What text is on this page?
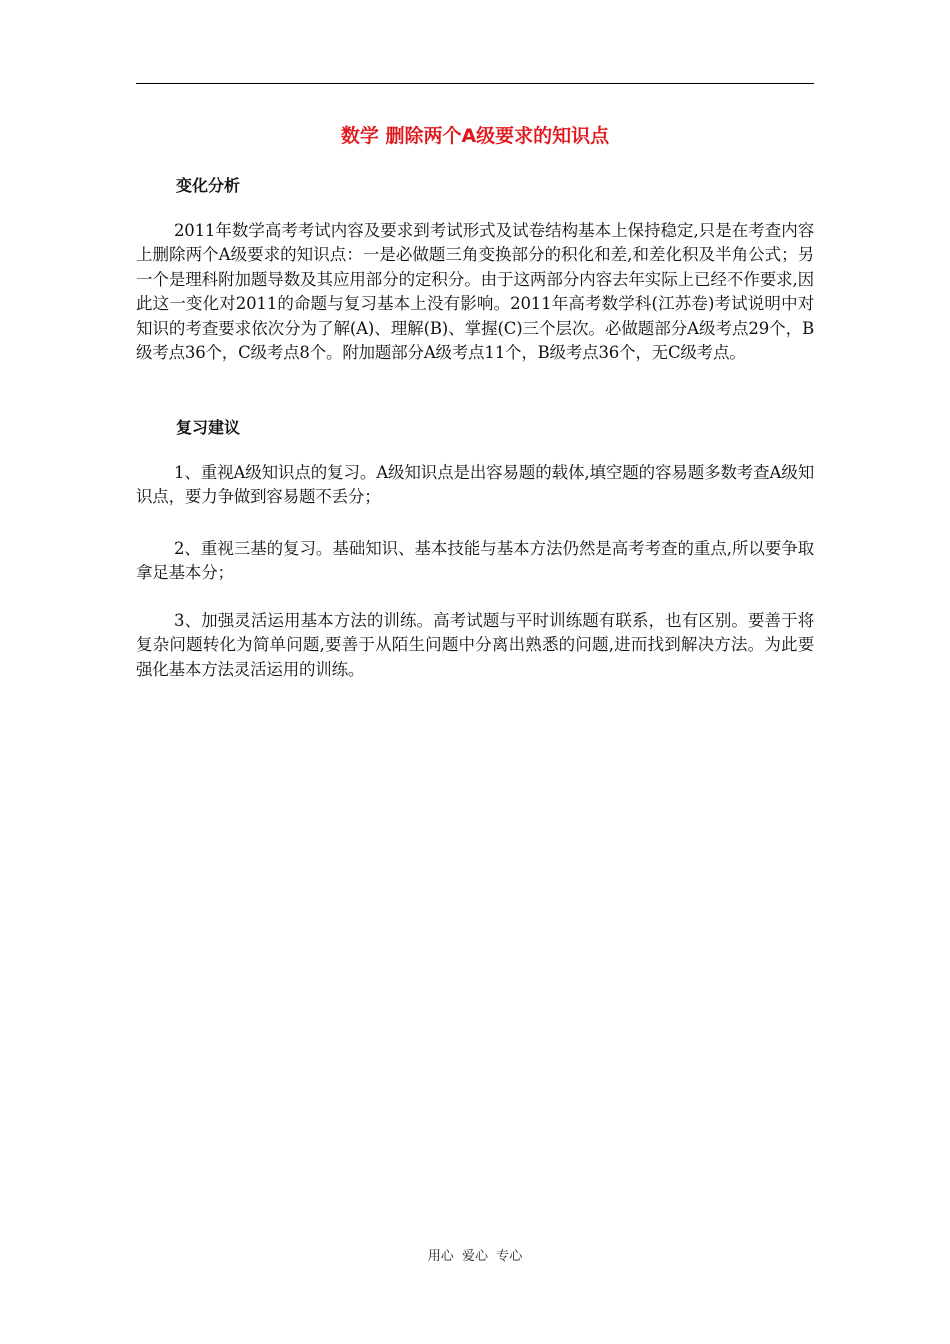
数学 删除两个A级要求的知识点
变化分析
2011年数学高考考试内容及要求到考试形式及试卷结构基本上保持稳定,只是在考查内容上删除两个A级要求的知识点：一是必做题三角变换部分的积化和差,和差化积及半角公式；另一个是理科附加题导数及其应用部分的定积分。由于这两部分内容去年实际上已经不作要求,因此这一变化对2011的命题与复习基本上没有影响。2011年高考数学科(江苏卷)考试说明中对知识的考查要求依次分为了解(A)、理解(B)、掌握(C)三个层次。必做题部分A级考点29个，B级考点36个，C级考点8个。附加题部分A级考点11个，B级考点36个，无C级考点。
复习建议
1、重视A级知识点的复习。A级知识点是出容易题的载体,填空题的容易题多数考查A级知识点，要力争做到容易题不丢分；
2、重视三基的复习。基础知识、基本技能与基本方法仍然是高考考查的重点,所以要争取拿足基本分；
3、加强灵活运用基本方法的训练。高考试题与平时训练题有联系，也有区别。要善于将复杂问题转化为简单问题,要善于从陌生问题中分离出熟悉的问题,进而找到解决方法。为此要强化基本方法灵活运用的训练。
用心  爱心  专心
